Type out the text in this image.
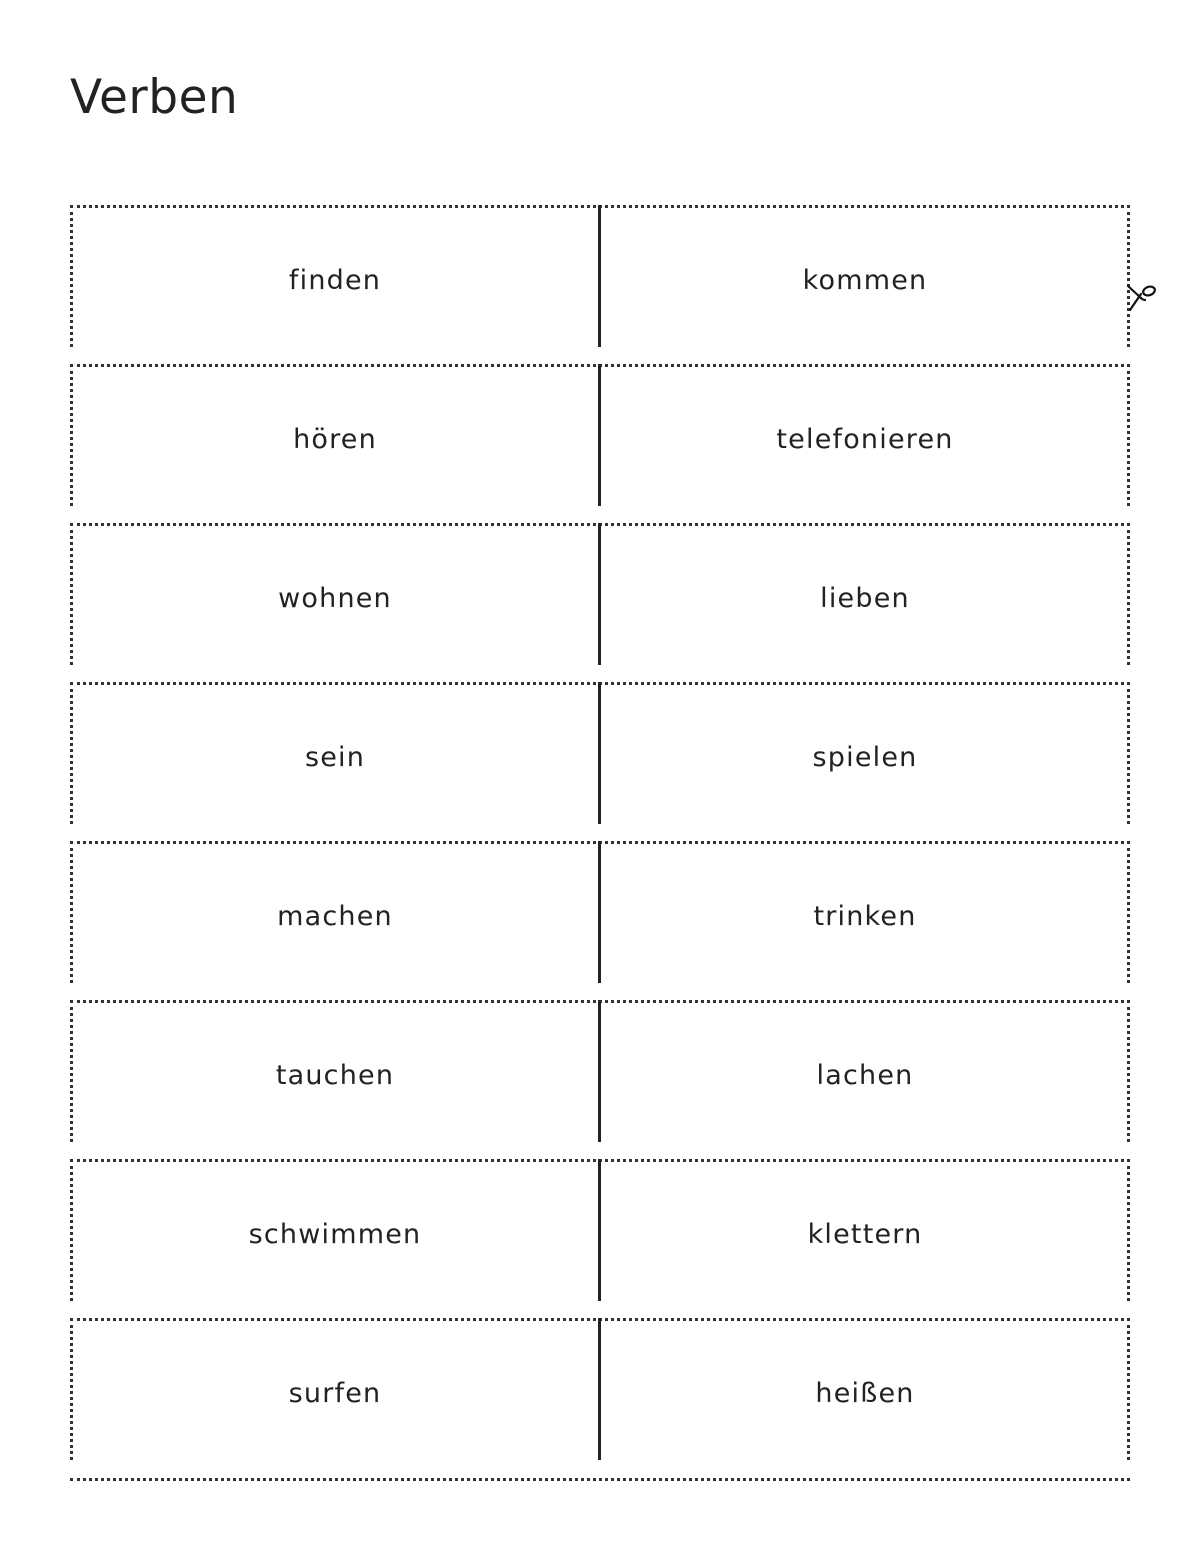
Verben
finden	kommen
hören	telefonieren
wohnen	lieben
sein	spielen
machen	trinken
tauchen	lachen
schwimmen	klettern
surfen	heißen
